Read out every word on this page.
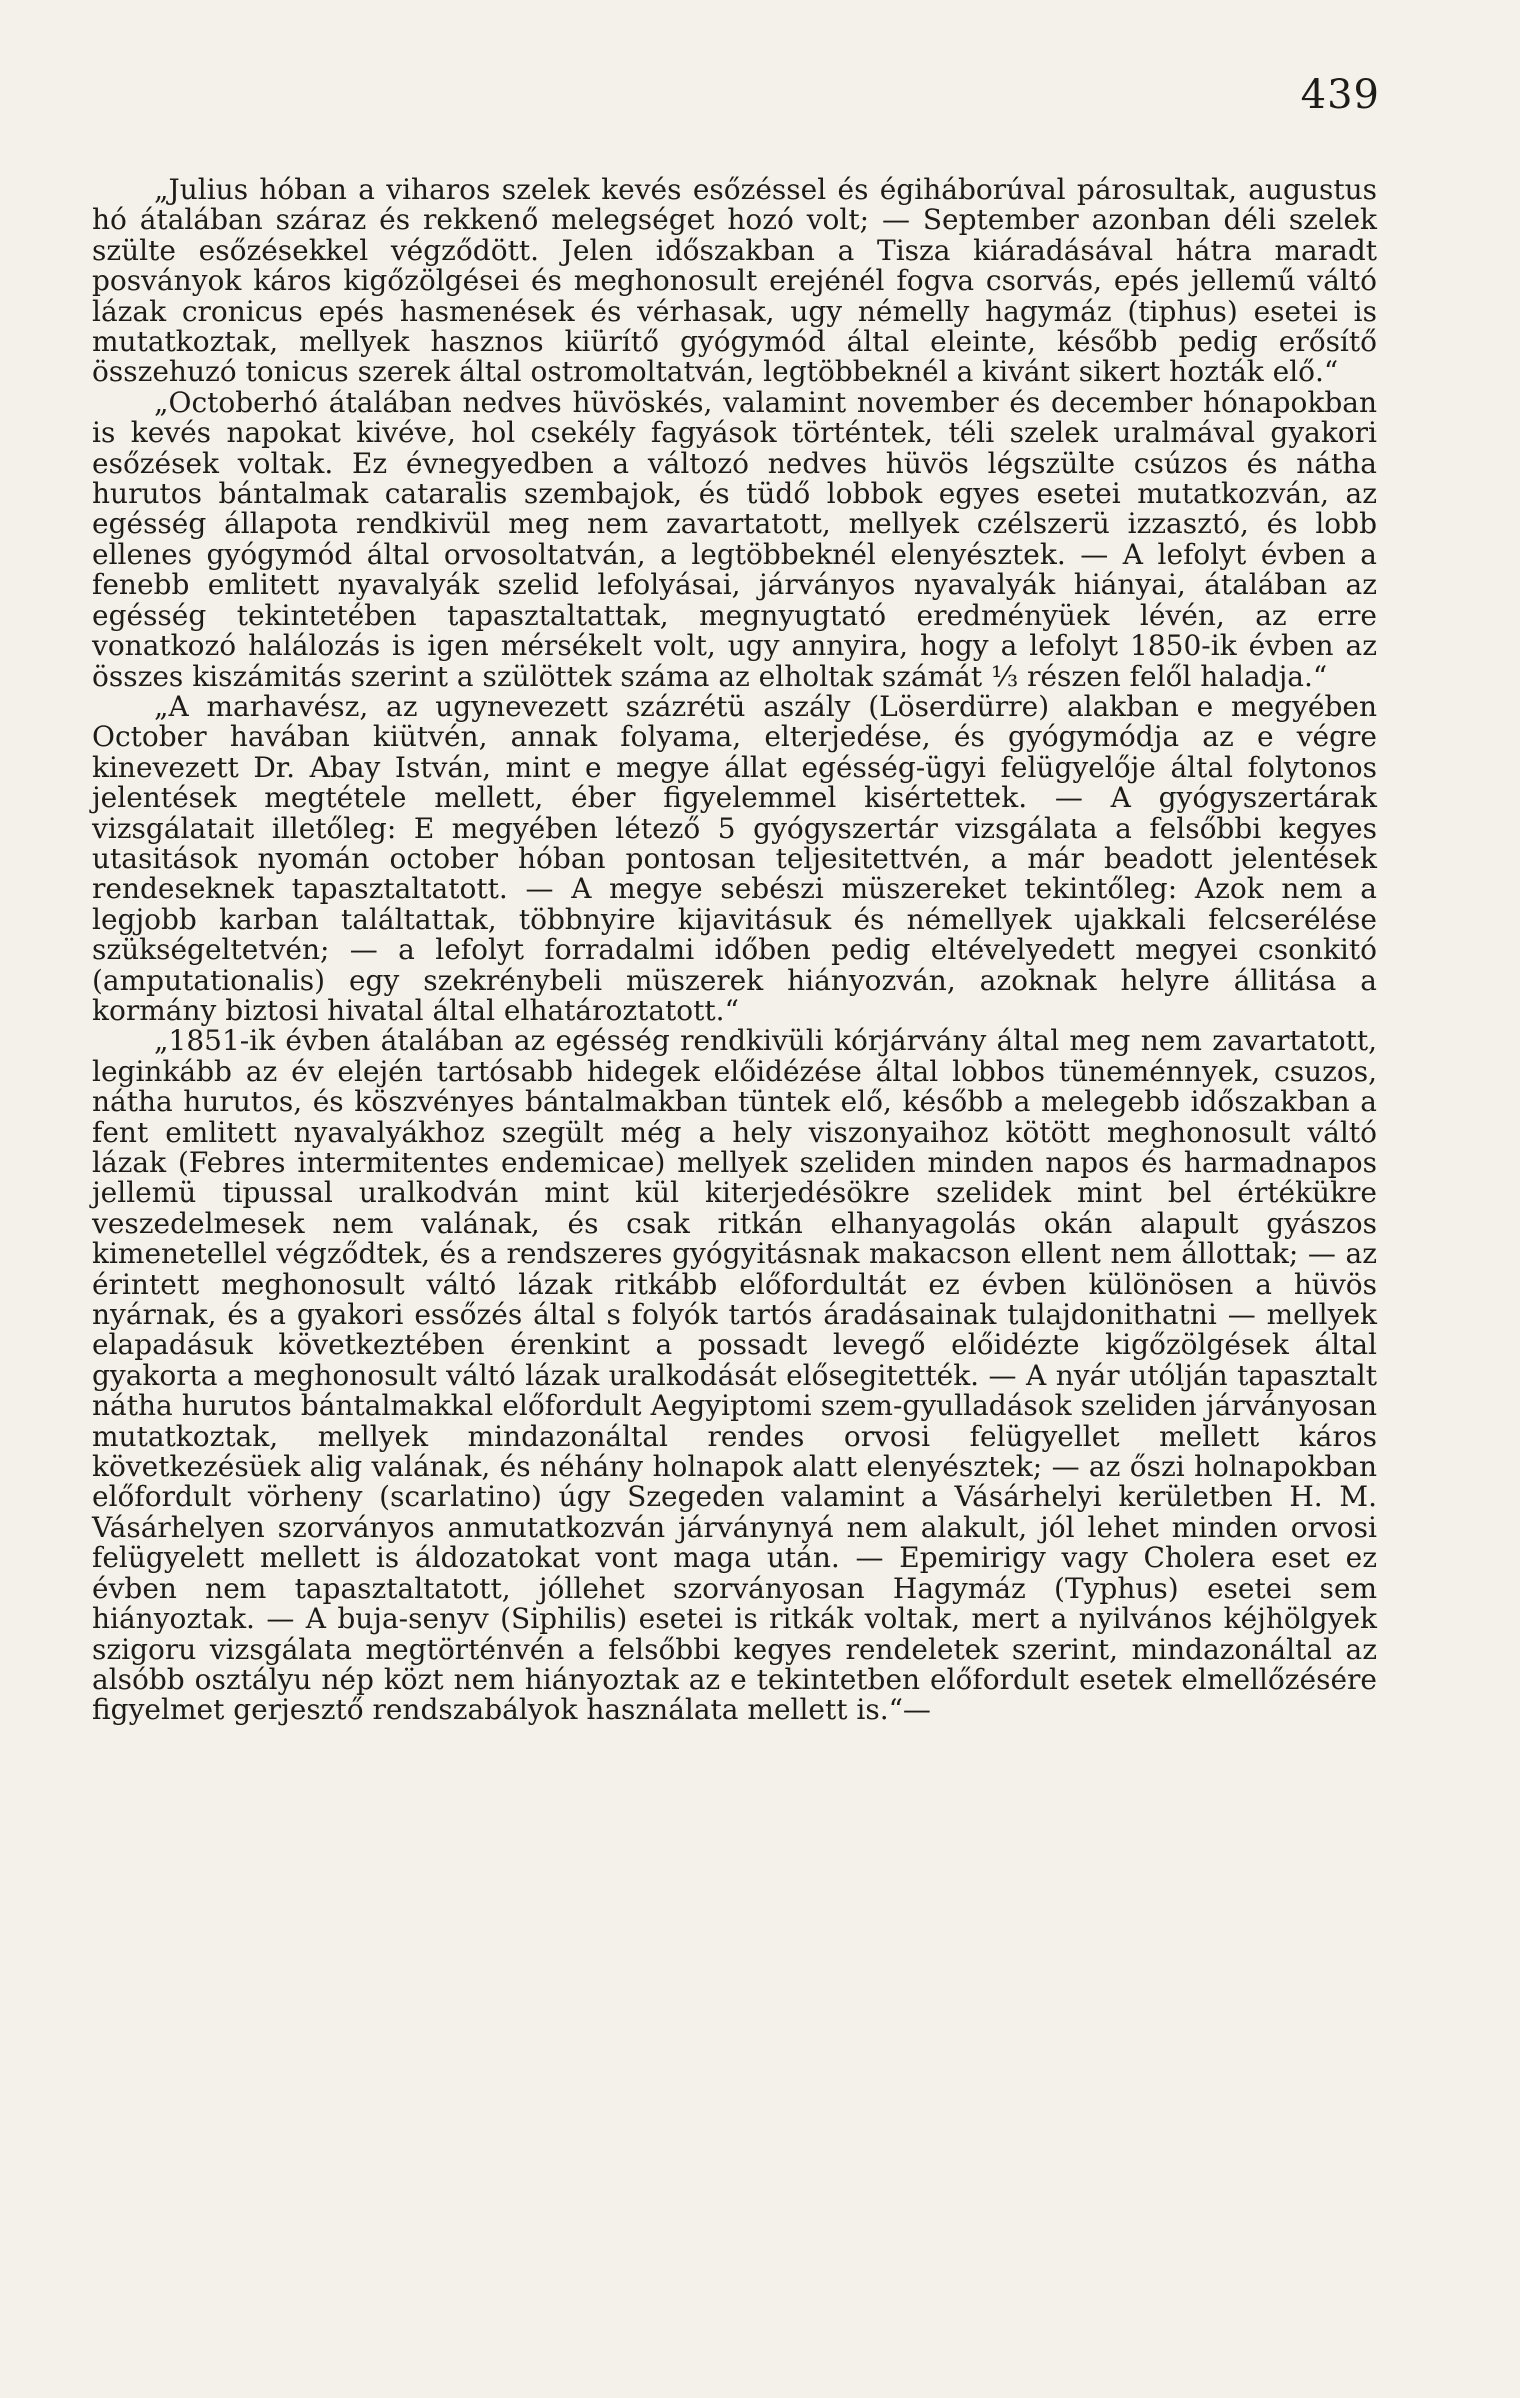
439

„Julius hóban a viharos szelek kevés esőzéssel és égiháborúval párosultak, augustus hó átalában száraz és rekkenő melegséget hozó volt; — September azonban déli szelek szülte esőzésekkel végződött. Jelen időszakban a Tisza kiáradásával hátra maradt posványok káros kigőzölgései és meghonosult erejénél fogva csorvás, epés jellemű váltó lázak cronicus epés hasmenések és vérhasak, ugy némelly hagymáz (tiphus) esetei is mutatkoztak, mellyek hasznos kiürítő gyógymód által eleinte, később pedig erősítő összehuzó tonicus szerek által ostromoltatván, legtöbbeknél a kivánt sikert hozták elő.“

„Octoberhó átalában nedves hüvöskés, valamint november és december hónapokban is kevés napokat kivéve, hol csekély fagyások történtek, téli szelek uralmával gyakori esőzések voltak. Ez évnegyedben a változó nedves hüvös légszülte csúzos és nátha hurutos bántalmak cataralis szembajok, és tüdő lobbok egyes esetei mutatkozván, az egésség állapota rendkivül meg nem zavartatott, mellyek czélszerü izzasztó, és lobb ellenes gyógymód által orvosoltatván, a legtöbbeknél elenyésztek. — A lefolyt évben a fenebb emlitett nyavalyák szelid lefolyásai, járványos nyavalyák hiányai, átalában az egésség tekintetében tapasztaltattak, megnyugtató eredményüek lévén, az erre vonatkozó halálozás is igen mérsékelt volt, ugy annyira, hogy a lefolyt 1850-ik évben az összes kiszámitás szerint a szülöttek száma az elholtak számát ⅓ részen felől haladja.“

„A marhavész, az ugynevezett százrétü aszály (Löserdürre) alakban e megyében October havában kiütvén, annak folyama, elterjedése, és gyógymódja az e végre kinevezett Dr. Abay István, mint e megye állat egésség-ügyi felügyelője által folytonos jelentések megtétele mellett, éber figyelemmel kisértettek. — A gyógyszertárak vizsgálatait illetőleg: E megyében létező 5 gyógyszertár vizsgálata a felsőbbi kegyes utasitások nyomán october hóban pontosan teljesitettvén, a már beadott jelentések rendeseknek tapasztaltatott. — A megye sebészi müszereket tekintőleg: Azok nem a legjobb karban találtattak, többnyire kijavitásuk és némellyek ujakkali felcserélése szükségeltetvén; — a lefolyt forradalmi időben pedig eltévelyedett megyei csonkitó (amputationalis) egy szekrénybeli müszerek hiányozván, azoknak helyre állitása a kormány biztosi hivatal által elhatároztatott.“

„1851-ik évben átalában az egésség rendkivüli kórjárvány által meg nem zavartatott, leginkább az év elején tartósabb hidegek előidézése által lobbos tüneménnyek, csuzos, nátha hurutos, és köszvényes bántalmakban tüntek elő, később a melegebb időszakban a fent emlitett nyavalyákhoz szegült még a hely viszonyaihoz kötött meghonosult váltó lázak (Febres intermitentes endemicae) mellyek szeliden minden napos és harmadnapos jellemü tipussal uralkodván mint kül kiterjedésökre szelidek mint bel értékükre veszedelmesek nem valának, és csak ritkán elhanyagolás okán alapult gyászos kimenetellel végződtek, és a rendszeres gyógyitásnak makacson ellent nem állottak; — az érintett meghonosult váltó lázak ritkább előfordultát ez évben különösen a hüvös nyárnak, és a gyakori essőzés által s folyók tartós áradásainak tulajdonithatni — mellyek elapadásuk következtében érenkint a possadt levegő előidézte kigőzölgések által gyakorta a meghonosult váltó lázak uralkodását elősegitették. — A nyár utólján tapasztalt nátha hurutos bántalmakkal előfordult Aegyiptomi szem-gyulladások szeliden járványosan mutatkoztak, mellyek mindazonáltal rendes orvosi felügyellet mellett káros következésüek alig valának, és néhány holnapok alatt elenyésztek; — az őszi holnapokban előfordult vörheny (scarlatino) úgy Szegeden valamint a Vásárhelyi kerületben H. M. Vásárhelyen szorványos anmutatkozván járványnyá nem alakult, jól lehet minden orvosi felügyelett mellett is áldozatokat vont maga után. — Epemirigy vagy Cholera eset ez évben nem tapasztaltatott, jóllehet szorványosan Hagymáz (Typhus) esetei sem hiányoztak. — A buja-senyv (Siphilis) esetei is ritkák voltak, mert a nyilvános kéjhölgyek szigoru vizsgálata megtörténvén a felsőbbi kegyes rendeletek szerint, mindazonáltal az alsóbb osztályu nép közt nem hiányoztak az e tekintetben előfordult esetek elmellőzésére figyelmet gerjesztő rendszabályok használata mellett is.“—
